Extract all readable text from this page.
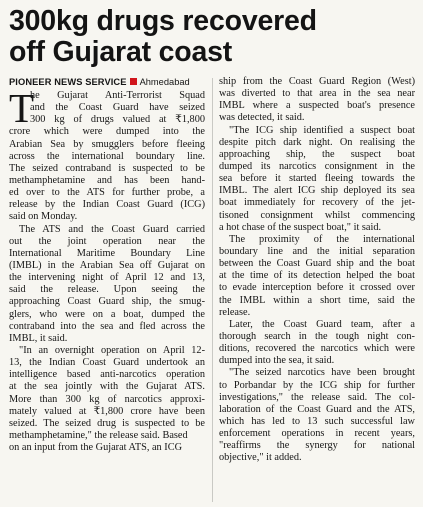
300kg drugs recovered
off Gujarat coast
PIONEER NEWS SERVICE Ahmedabad
T
he Gujarat Anti-Terrorist Squad
and the Coast Guard have seized
300 kg of drugs valued at ₹1,800
crore which were dumped into the
Arabian Sea by smugglers before fleeing
across the international boundary line.
The seized contraband is suspected to be
methamphetamine and has been hand-
ed over to the ATS for further probe, a
release by the Indian Coast Guard (ICG)
said on Monday.
The ATS and the Coast Guard carried
out the joint operation near the
International Maritime Boundary Line
(IMBL) in the Arabian Sea off Gujarat on
the intervening night of April 12 and 13,
said the release. Upon seeing the
approaching Coast Guard ship, the smug-
glers, who were on a boat, dumped the
contraband into the sea and fled across the
IMBL, it said.
"In an overnight operation on April 12-
13, the Indian Coast Guard undertook an
intelligence based anti-narcotics operation
at the sea jointly with the Gujarat ATS.
More than 300 kg of narcotics approxi-
mately valued at ₹1,800 crore have been
seized. The seized drug is suspected to be
methamphetamine," the release said. Based
on an input from the Gujarat ATS, an ICG
ship from the Coast Guard Region (West)
was diverted to that area in the sea near
IMBL where a suspected boat's presence
was detected, it said.
"The ICG ship identified a suspect boat
despite pitch dark night. On realising the
approaching ship, the suspect boat
dumped its narcotics consignment in the
sea before it started fleeing towards the
IMBL. The alert ICG ship deployed its sea
boat immediately for recovery of the jet-
tisoned consignment whilst commencing
a hot chase of the suspect boat," it said.
The proximity of the international
boundary line and the initial separation
between the Coast Guard ship and the boat
at the time of its detection helped the boat
to evade interception before it crossed over
the IMBL within a short time, said the
release.
Later, the Coast Guard team, after a
thorough search in the tough night con-
ditions, recovered the narcotics which were
dumped into the sea, it said.
"The seized narcotics have been brought
to Porbandar by the ICG ship for further
investigations," the release said. The col-
laboration of the Coast Guard and the ATS,
which has led to 13 such successful law
enforcement operations in recent years,
"reaffirms the synergy for national
objective," it added.
